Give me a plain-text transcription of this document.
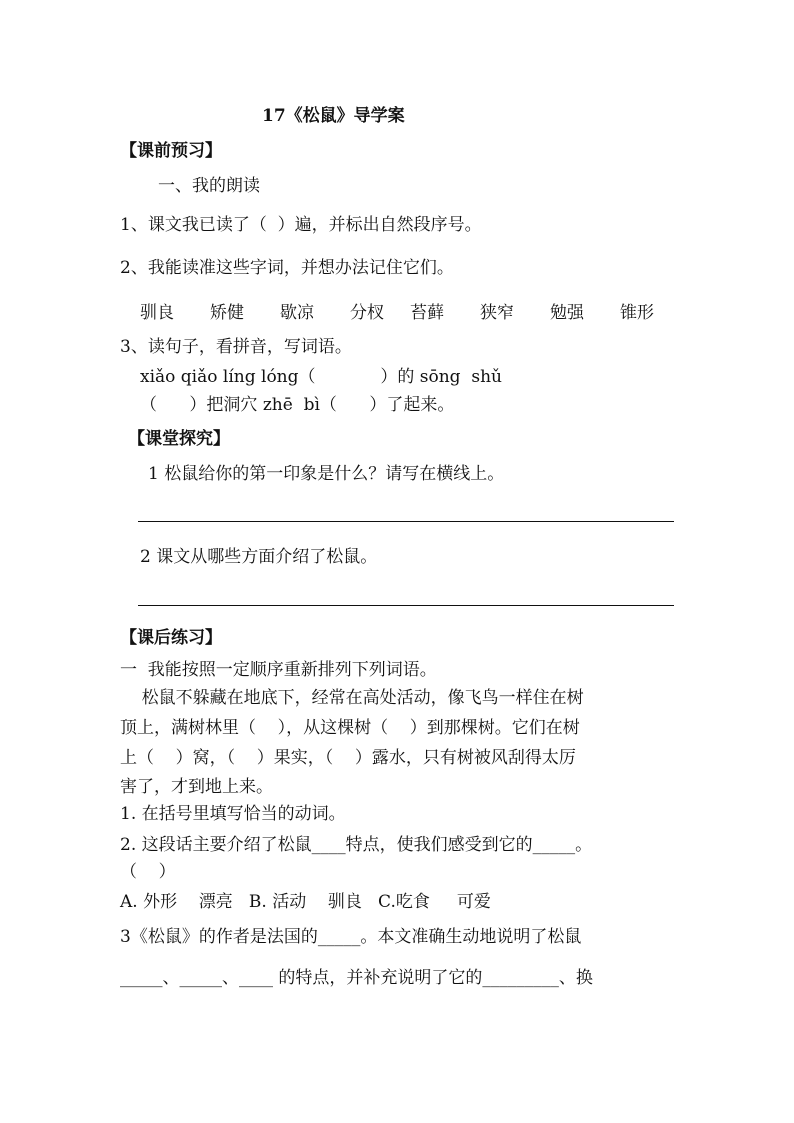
17《松鼠》导学案
【课前预习】
一、我的朗读
1、课文我已读了（  ）遍，并标出自然段序号。
2、我能读准这些字词，并想办法记住它们。
驯良 矫健 歇凉 分杈 苔藓 狭窄 勉强 锥形
3、读句子，看拼音，写词语。
xiǎo qiǎo líng lóng（            ）的 sōng  shǔ
（      ）把洞穴 zhē  bì（      ）了起来。
【课堂探究】
1 松鼠给你的第一印象是什么？请写在横线上。
2 课文从哪些方面介绍了松鼠。
【课后练习】
一  我能按照一定顺序重新排列下列词语。
松鼠不躲藏在地底下，经常在高处活动，像飞鸟一样住在树
顶上，满树林里（    ），从这棵树（    ）到那棵树。它们在树
上（    ）窝，（    ）果实，（    ）露水，只有树被风刮得太厉
害了，才到地上来。
1. 在括号里填写恰当的动词。
2. 这段话主要介绍了松鼠____特点，使我们感受到它的_____。
（    ）
A. 外形    漂亮   B. 活动    驯良   C.吃食     可爱
3《松鼠》的作者是法国的_____。本文准确生动地说明了松鼠
_____、_____、____ 的特点，并补充说明了它的_________、换
